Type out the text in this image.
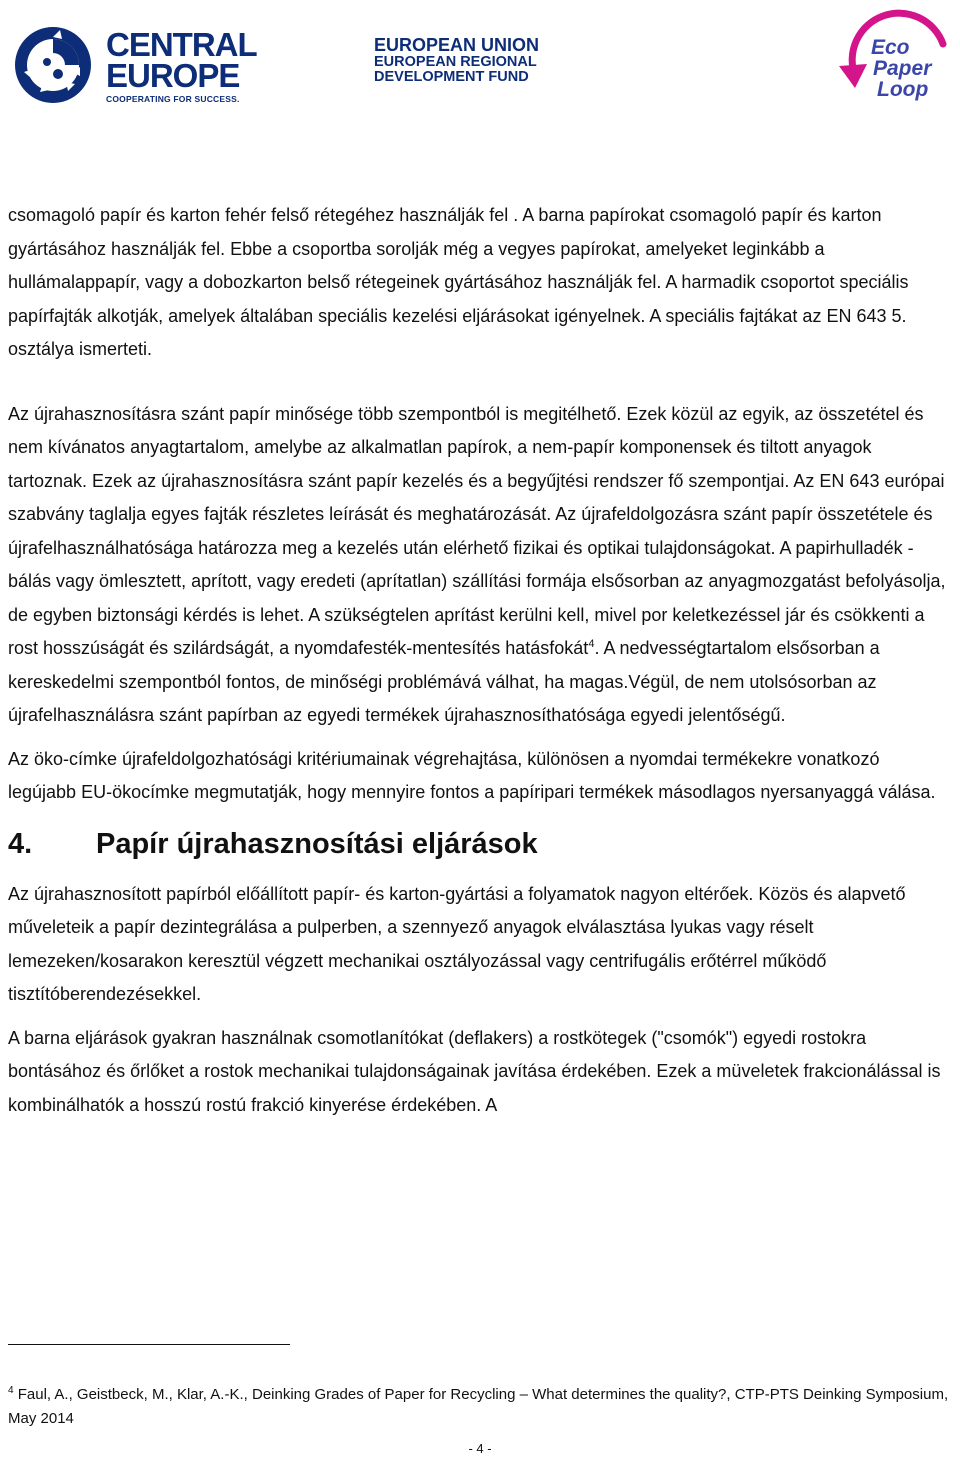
CENTRAL
EUROPE
COOPERATING FOR SUCCESS.
EUROPEAN UNION
EUROPEAN REGIONAL
DEVELOPMENT FUND
Eco
Paper
Loop

csomagoló papír és karton fehér felső rétegéhez használják fel . A barna papírokat csomagoló papír és karton gyártásához használják fel. Ebbe a csoportba sorolják még a vegyes papírokat, amelyeket leginkább a hullámalappapír, vagy a dobozkarton belső rétegeinek gyártásához használják fel. A harmadik csoportot speciális papírfajták alkotják, amelyek általában speciális kezelési eljárásokat igényelnek. A speciális fajtákat az EN 643 5. osztálya ismerteti.

Az újrahasznosításra szánt papír minősége több szempontból is megitélhető. Ezek közül az egyik, az összetétel és nem kívánatos anyagtartalom, amelybe az alkalmatlan papírok, a nem-papír komponensek és tiltott anyagok tartoznak. Ezek az újrahasznosításra szánt papír kezelés és a begyűjtési rendszer fő szempontjai. Az EN 643 európai szabvány taglalja egyes fajták részletes leírását és meghatározását. Az újrafeldolgozásra szánt papír összetétele és újrafelhasználhatósága határozza meg a kezelés után elérhető fizikai és optikai tulajdonságokat. A papirhulladék - bálás vagy ömlesztett, aprított, vagy eredeti (aprítatlan) szállítási formája elsősorban az anyagmozgatást befolyásolja, de egyben biztonsági kérdés is lehet. A szükségtelen aprítást kerülni kell, mivel por keletkezéssel jár és csökkenti a rost hosszúságát és szilárdságát, a nyomdafesték-mentesítés hatásfokát$^4$. A nedvességtartalom elsősorban a kereskedelmi szempontból fontos, de minőségi problémává válhat, ha magas.Végül, de nem utolsósorban az újrafelhasználásra szánt papírban az egyedi termékek újrahasznosíthatósága egyedi jelentőségű.

Az öko-címke újrafeldolgozhatósági kritériumainak végrehajtása, különösen a nyomdai termékekre vonatkozó legújabb EU-ökocímke megmutatják, hogy mennyire fontos a papíripari termékek másodlagos nyersanyaggá válása.

4. Papír újrahasznosítási eljárások

Az újrahasznosított papírból előállított papír- és karton-gyártási a folyamatok nagyon eltérőek. Közös és alapvető műveleteik a papír dezintegrálása a pulperben, a szennyező anyagok elválasztása lyukas vagy réselt lemezeken/kosarakon keresztül végzett mechanikai osztályozással vagy centrifugális erőtérrel működő tisztítóberendezésekkel.

A barna eljárások gyakran használnak csomotlanítókat (deflakers) a rostkötegek ("csomók") egyedi rostokra bontásához és őrlőket a rostok mechanikai tulajdonságainak javítása érdekében. Ezek a müveletek frakcionálással is kombinálhatók a hosszú rostú frakció kinyerése érdekében. A

$^4$ Faul, A., Geistbeck, M., Klar, A.-K., Deinking Grades of Paper for Recycling – What determines the quality?, CTP-PTS Deinking Symposium, May 2014
- 4 -
